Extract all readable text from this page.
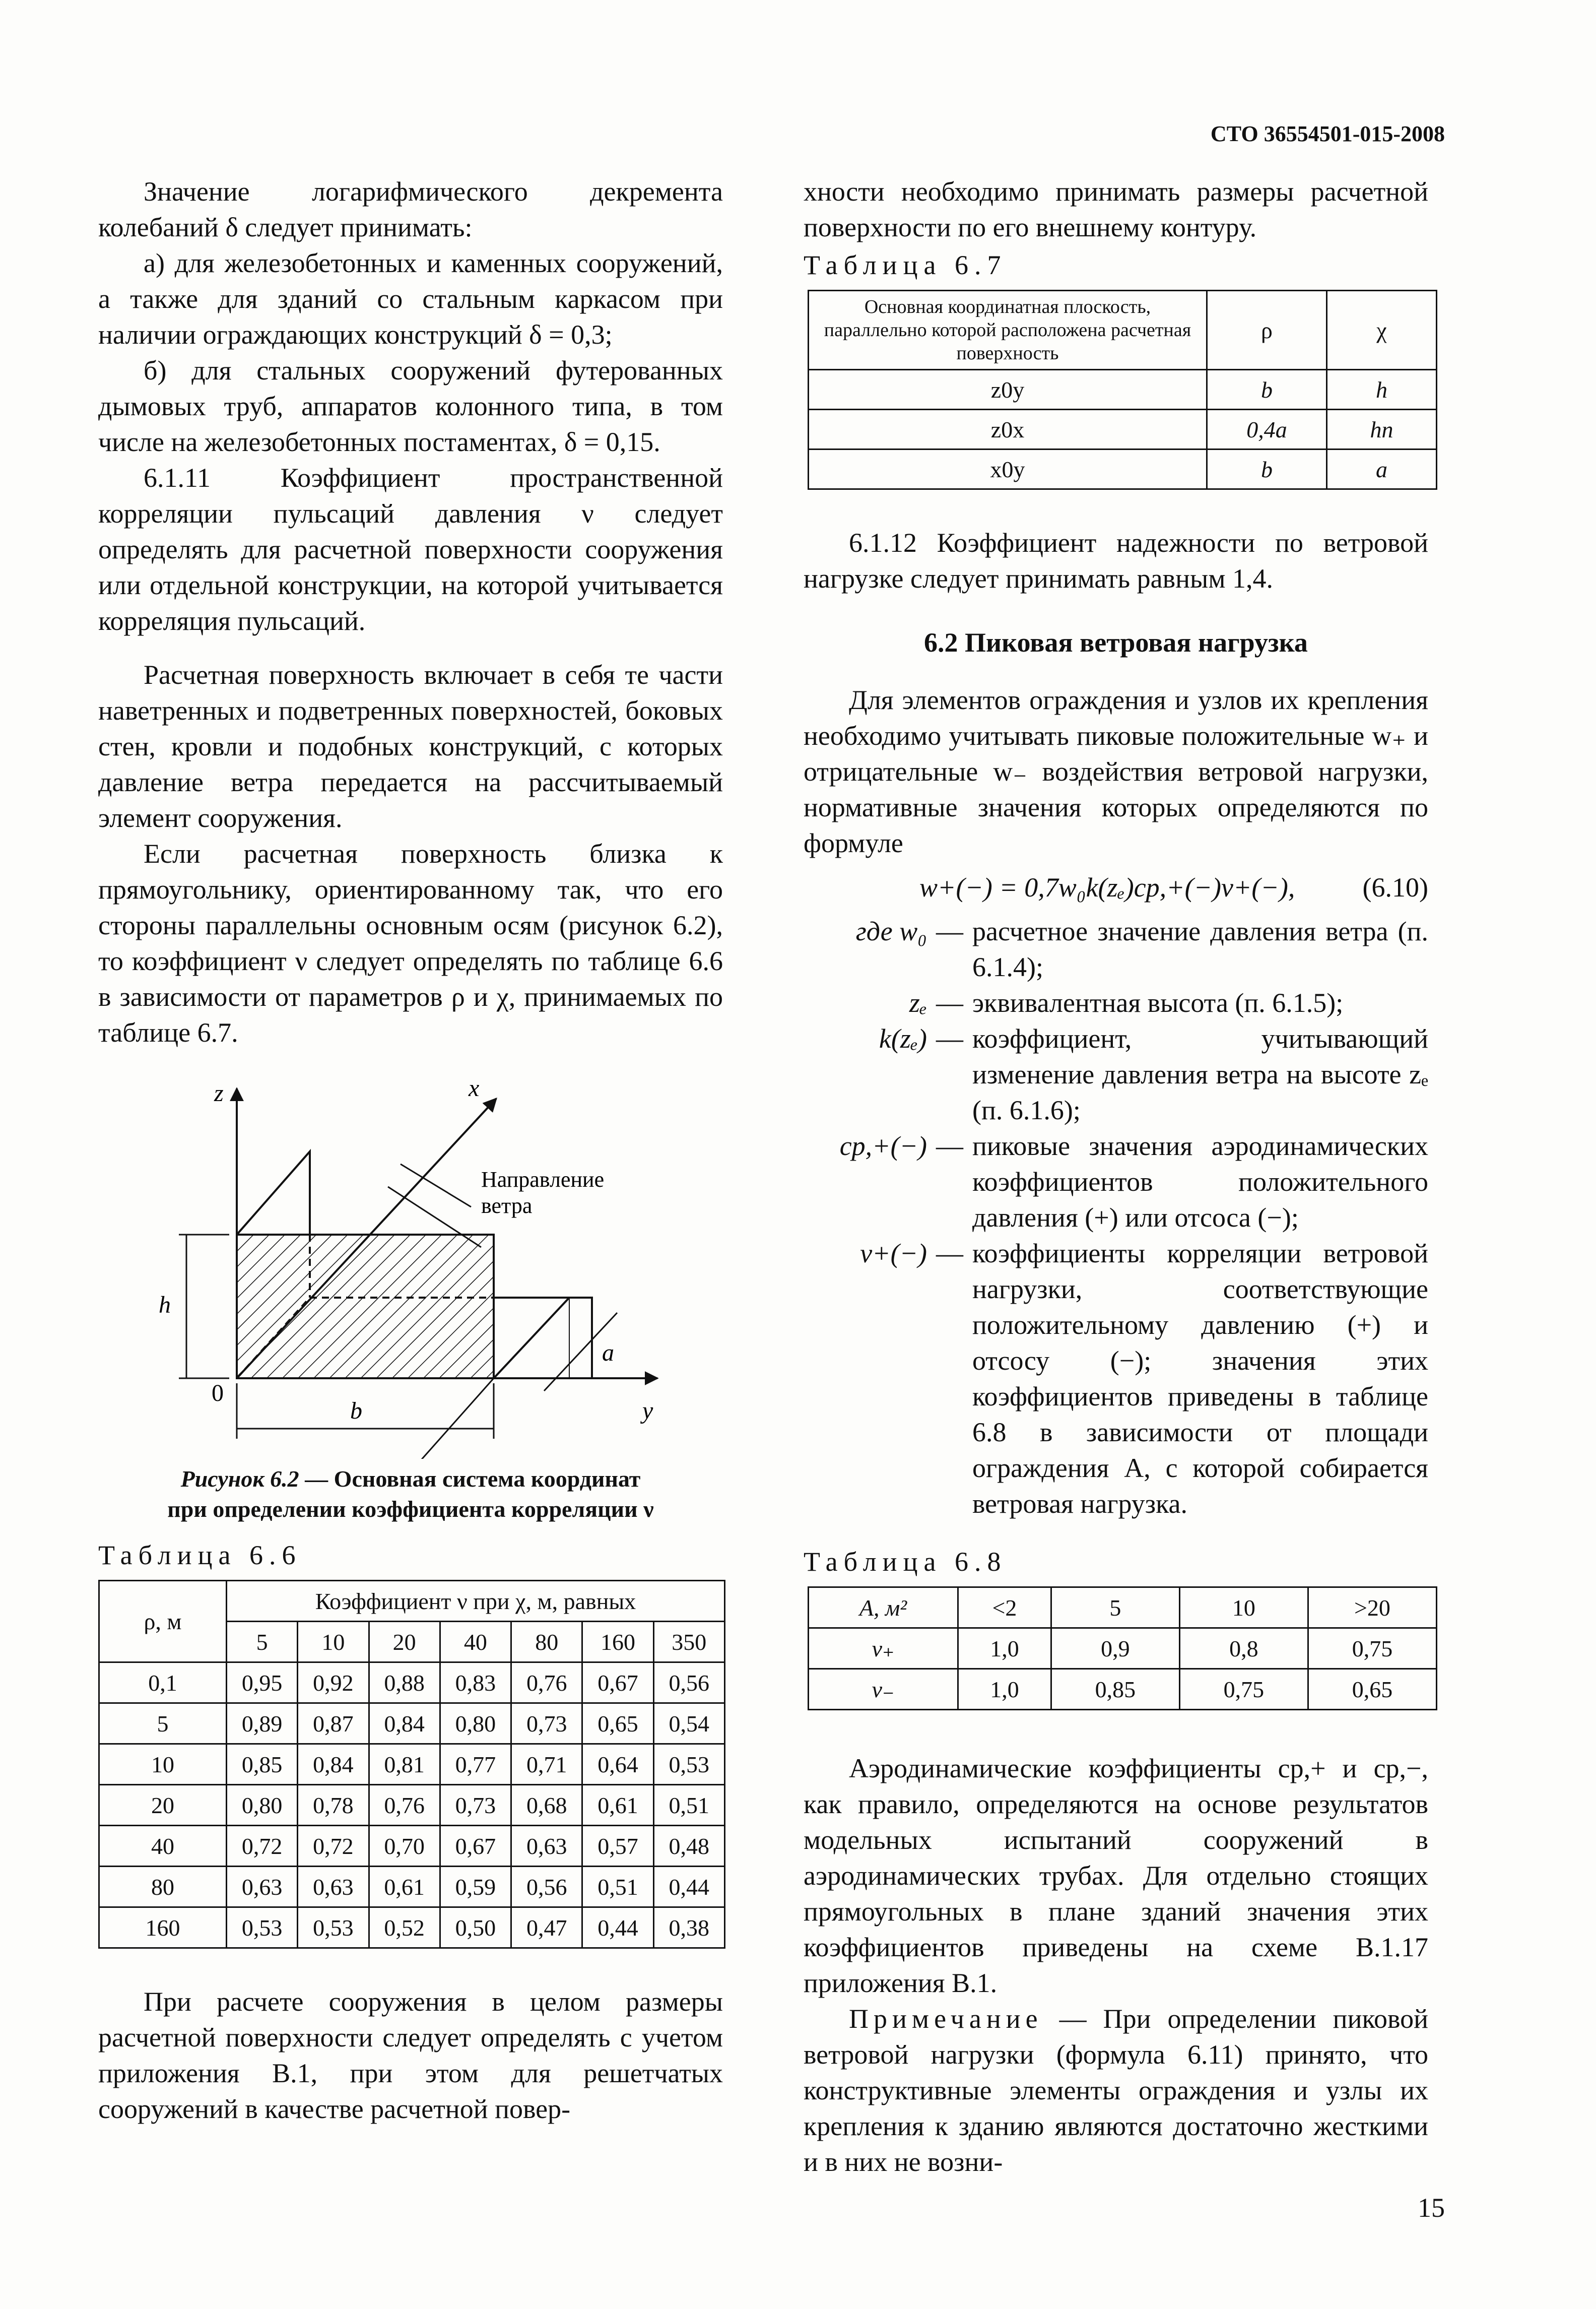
СТО 36554501-015-2008

Значение логарифмического декремента колебаний δ следует принимать:

а) для железобетонных и каменных сооружений, а также для зданий со стальным каркасом при наличии ограждающих конструкций δ = 0,3;

б) для стальных сооружений футерованных дымовых труб, аппаратов колонного типа, в том числе на железобетонных постаментах, δ = 0,15.

6.1.11 Коэффициент пространственной корреляции пульсаций давления ν следует определять для расчетной поверхности сооружения или отдельной конструкции, на которой учитывается корреляция пульсаций.

Расчетная поверхность включает в себя те части наветренных и подветренных поверхностей, боковых стен, кровли и подобных конструкций, с которых давление ветра передается на рассчитываемый элемент сооружения.

Если расчетная поверхность близка к прямоугольнику, ориентированному так, что его стороны параллельны основным осям (рисунок 6.2), то коэффициент ν следует определять по таблице 6.6 в зависимости от параметров ρ и χ, принимаемых по таблице 6.7.

z	x
y
h
a
b
0
Направление
ветра
Рисунок 6.2 — Основная система координат
при определении коэффициента корреляции ν
Таблица 6.6
ρ, м	Коэффициент ν при χ, м, равных						
	5	10	20	40	80	160	350
0,1	0,95	0,92	0,88	0,83	0,76	0,67	0,56
5	0,89	0,87	0,84	0,80	0,73	0,65	0,54
10	0,85	0,84	0,81	0,77	0,71	0,64	0,53
20	0,80	0,78	0,76	0,73	0,68	0,61	0,51
40	0,72	0,72	0,70	0,67	0,63	0,57	0,48
80	0,63	0,63	0,61	0,59	0,56	0,51	0,44
160	0,53	0,53	0,52	0,50	0,47	0,44	0,38

При расчете сооружения в целом размеры расчетной поверхности следует определять с учетом приложения В.1, при этом для решетчатых сооружений в качестве расчетной повер-

хности необходимо принимать размеры расчетной поверхности по его внешнему контуру.

Таблица 6.7
Основная координатная плоскость, параллельно которой расположена расчетная поверхность	ρ	χ
z0y	b	h
z0x	0,4a	hn
x0y	b	a

6.1.12 Коэффициент надежности по ветровой нагрузке следует принимать равным 1,4.

6.2 Пиковая ветровая нагрузка

Для элементов ограждения и узлов их крепления необходимо учитывать пиковые положительные w₊ и отрицательные w₋ воздействия ветровой нагрузки, нормативные значения которых определяются по формуле

w+(−) = 0,7w₀k(zₑ)cp,+(−)ν+(−), (6.10)
где w₀	—	расчетное значение давления ветра (п. 6.1.4);
zₑ	—	эквивалентная высота (п. 6.1.5);
k(zₑ)	—	коэффициент, учитывающий изменение давления ветра на высоте zₑ (п. 6.1.6);
cp,+(−)	—	пиковые значения аэродинамических коэффициентов положительного давления (+) или отсоса (−);
ν+(−)	—	коэффициенты корреляции ветровой нагрузки, соответствующие положительному давлению (+) и отсосу (−); значения этих коэффициентов приведены в таблице 6.8 в зависимости от площади ограждения A, с которой собирается ветровая нагрузка.
Таблица 6.8
A, м²	<2	5	10	>20
ν₊	1,0	0,9	0,8	0,75
ν₋	1,0	0,85	0,75	0,65

Аэродинамические коэффициенты cp,+ и cp,−, как правило, определяются на основе результатов модельных испытаний сооружений в аэродинамических трубах. Для отдельно стоящих прямоугольных в плане зданий значения этих коэффициентов приведены на схеме В.1.17 приложения В.1.

Примечание — При определении пиковой ветровой нагрузки (формула 6.11) принято, что конструктивные элементы ограждения и узлы их крепления к зданию являются достаточно жесткими и в них не возни-

15
